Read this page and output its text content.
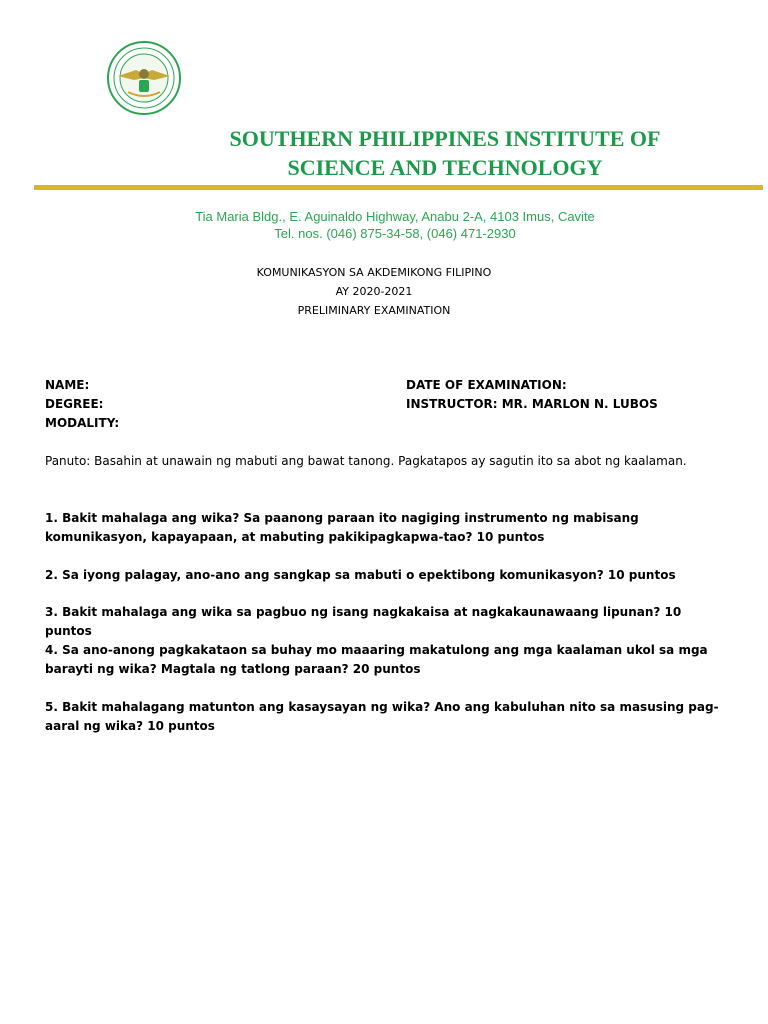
SOUTHERN PHILIPPINES INSTITUTE OF SCIENCE AND TECHNOLOGY
Tia Maria Bldg., E. Aguinaldo Highway, Anabu 2-A, 4103 Imus, Cavite
Tel. nos. (046) 875-34-58, (046) 471-2930
KOMUNIKASYON SA AKDEMIKONG FILIPINO
AY 2020-2021
PRELIMINARY EXAMINATION
NAME:
DEGREE:
MODALITY:
DATE OF EXAMINATION:
INSTRUCTOR: MR. MARLON N. LUBOS
Panuto: Basahin at unawain ng mabuti ang bawat tanong. Pagkatapos ay sagutin ito sa abot ng kaalaman.
1. Bakit mahalaga ang wika? Sa paanong paraan ito nagiging instrumento ng mabisang komunikasyon, kapayapaan, at mabuting pakikipagkapwa-tao? 10 puntos
2. Sa iyong palagay, ano-ano ang sangkap sa mabuti o epektibong komunikasyon? 10 puntos
3. Bakit mahalaga ang wika sa pagbuo ng isang nagkakaisa at nagkakaunawaang lipunan? 10 puntos
4. Sa ano-anong pagkakataon sa buhay mo maaaring makatulong ang mga kaalaman ukol sa mga barayti ng wika? Magtala ng tatlong paraan? 20 puntos
5. Bakit mahalagang matunton ang kasaysayan ng wika? Ano ang kabuluhan nito sa masusing pag-aaral ng wika? 10 puntos
